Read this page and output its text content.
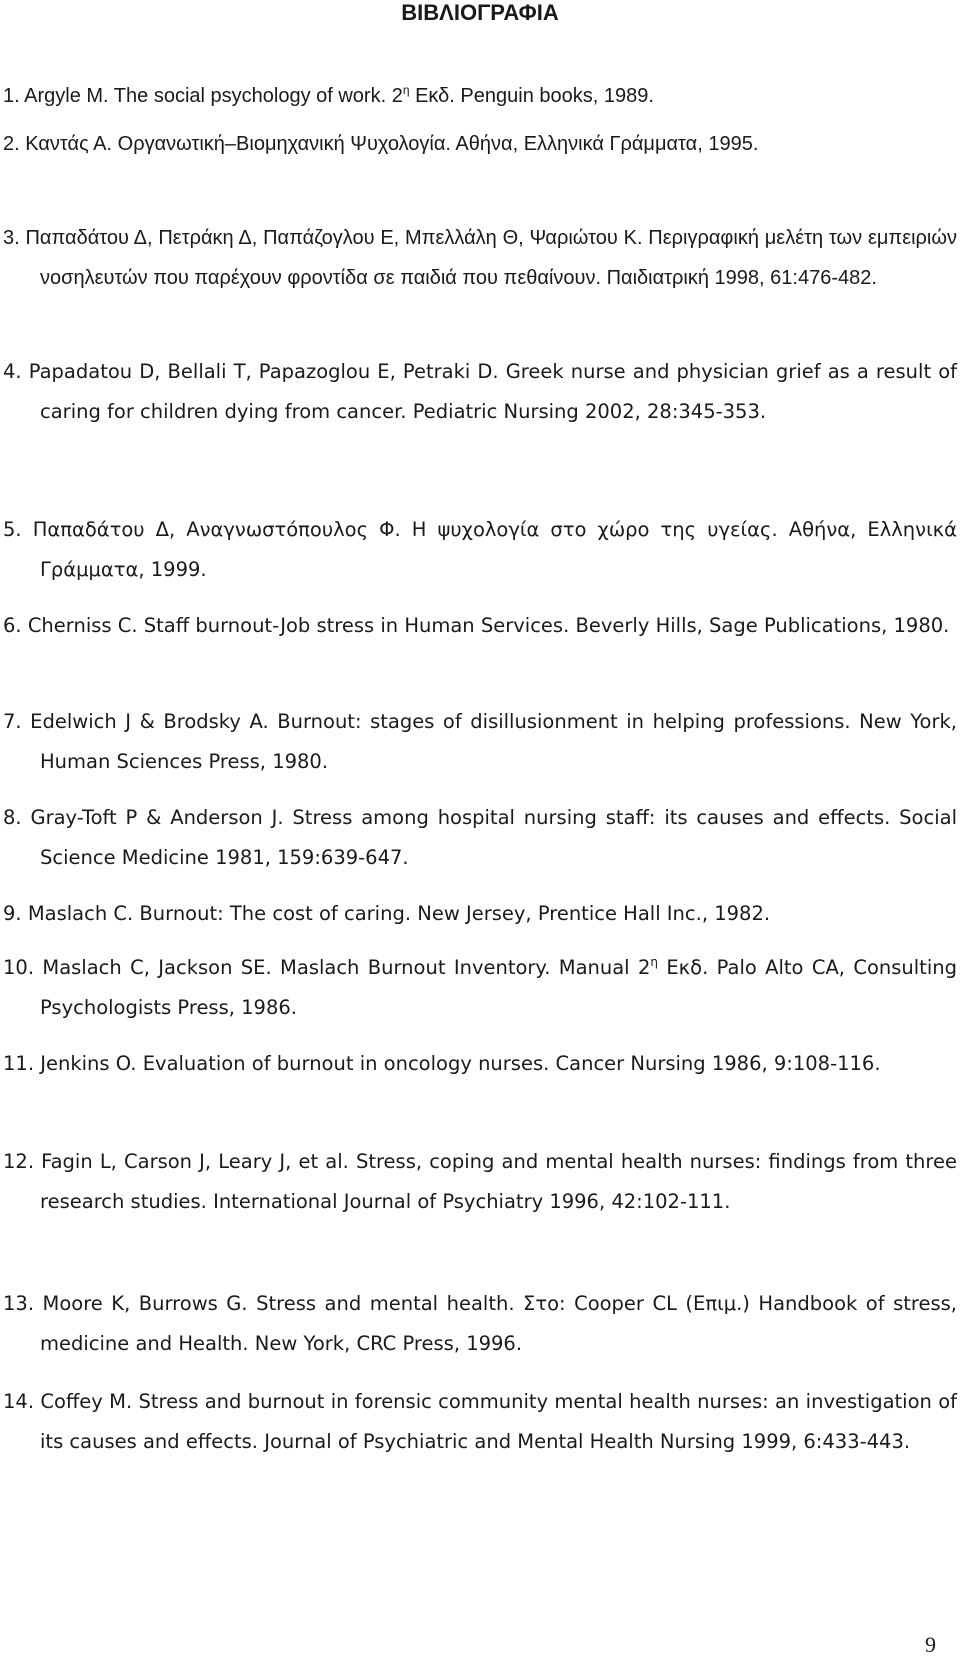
ΒΙΒΛΙΟΓΡΑΦΙΑ
1. Argyle M. The social psychology of work. $2^\eta$ Εκδ. Penguin books, 1989.
2. Καντάς Α. Οργανωτική–Βιομηχανική Ψυχολογία. Αθήνα, Ελληνικά Γράμματα, 1995.
3. Παπαδάτου Δ, Πετράκη Δ, Παπάζογλου Ε, Μπελλάλη Θ, Ψαριώτου Κ. Περιγραφική μελέτη των εμπειριών νοσηλευτών που παρέχουν φροντίδα σε παιδιά που πεθαίνουν. Παιδιατρική 1998, 61:476-482.
4. Papadatou D, Bellali T, Papazoglou E, Petraki D. Greek nurse and physician grief as a result of caring for children dying from cancer. Pediatric Nursing 2002, 28:345-353.
5. Παπαδάτου Δ, Αναγνωστόπουλος Φ. Η ψυχολογία στο χώρο της υγείας. Αθήνα, Ελληνικά Γράμματα, 1999.
6. Cherniss C. Staff burnout-Job stress in Human Services. Beverly Hills, Sage Publications, 1980.
7. Edelwich J & Brodsky A. Burnout: stages of disillusionment in helping professions. New York, Human Sciences Press, 1980.
8. Gray-Toft P & Anderson J. Stress among hospital nursing staff: its causes and effects. Social Science Medicine 1981, 159:639-647.
9. Maslach C. Burnout: The cost of caring. New Jersey, Prentice Hall Inc., 1982.
10. Maslach C, Jackson SE. Maslach Burnout Inventory. Manual $2^\eta$ Εκδ. Palo Alto CA, Consulting Psychologists Press, 1986.
11. Jenkins O. Evaluation of burnout in oncology nurses. Cancer Nursing 1986, 9:108-116.
12. Fagin L, Carson J, Leary J, et al. Stress, coping and mental health nurses: findings from three research studies. International Journal of Psychiatry 1996, 42:102-111.
13. Moore K, Burrows G. Stress and mental health. Στο: Cooper CL (Επιμ.) Handbook of stress, medicine and Health. New York, CRC Press, 1996.
14. Coffey M. Stress and burnout in forensic community mental health nurses: an investigation of its causes and effects. Journal of Psychiatric and Mental Health Nursing 1999, 6:433-443.
9
